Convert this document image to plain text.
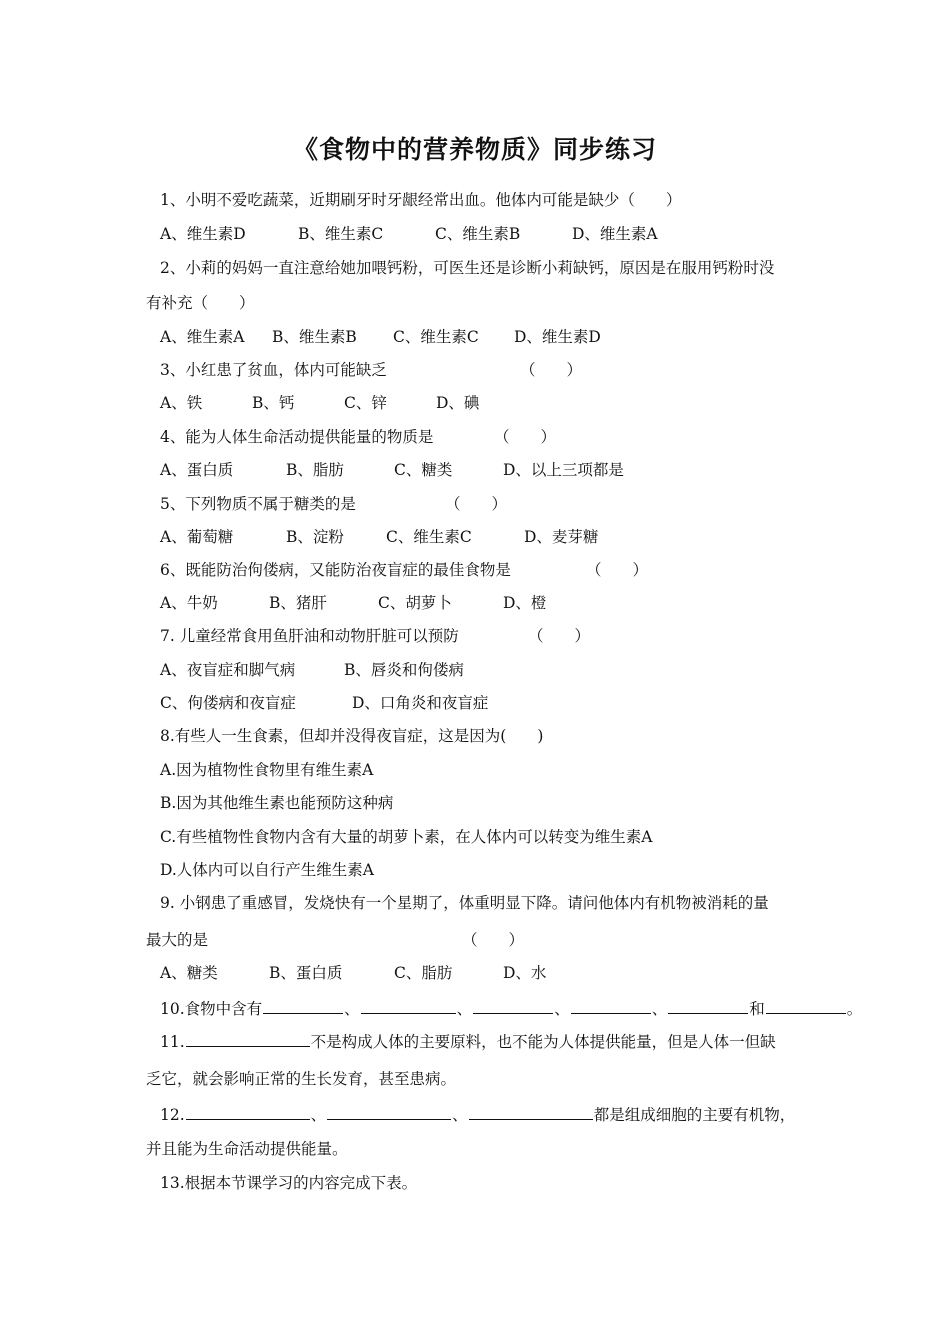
《食物中的营养物质》同步练习
1、小明不爱吃蔬菜，近期刷牙时牙龈经常出血。他体内可能是缺少（　　）
A、维生素D	B、维生素C	C、维生素B	D、维生素A
2、小莉的妈妈一直注意给她加喂钙粉，可医生还是诊断小莉缺钙，原因是在服用钙粉时没
有补充（　　）
A、维生素A B、维生素B C、维生素C D、维生素D
3、小红患了贫血，体内可能缺乏	（　　）
A、铁	B、钙	C、锌	D、碘
4、能为人体生命活动提供能量的物质是	（　　）
A、蛋白质	B、脂肪	C、糖类	D、以上三项都是
5、下列物质不属于糖类的是	（　　）
A、葡萄糖	B、淀粉	C、维生素C	D、麦芽糖
6、既能防治佝偻病，又能防治夜盲症的最佳食物是	（　　）
A、牛奶	B、猪肝	C、胡萝卜	D、橙
7. 儿童经常食用鱼肝油和动物肝脏可以预防	（　　）
A、夜盲症和脚气病	B、唇炎和佝偻病
C、佝偻病和夜盲症	D、口角炎和夜盲症
8.有些人一生食素，但却并没得夜盲症，这是因为(　　)
A.因为植物性食物里有维生素A
B.因为其他维生素也能预防这种病
C.有些植物性食物内含有大量的胡萝卜素，在人体内可以转变为维生素A
D.人体内可以自行产生维生素A
9. 小钢患了重感冒，发烧快有一个星期了，体重明显下降。请问他体内有机物被消耗的量
最大的是	（　　）
A、糖类	B、蛋白质	C、脂肪	D、水
10.食物中含有	、	、	、	、	和	。
11.	不是构成人体的主要原料，也不能为人体提供能量，但是人体一但缺
乏它，就会影响正常的生长发育，甚至患病。
12.	、	、	都是组成细胞的主要有机物，
并且能为生命活动提供能量。
13.根据本节课学习的内容完成下表。
